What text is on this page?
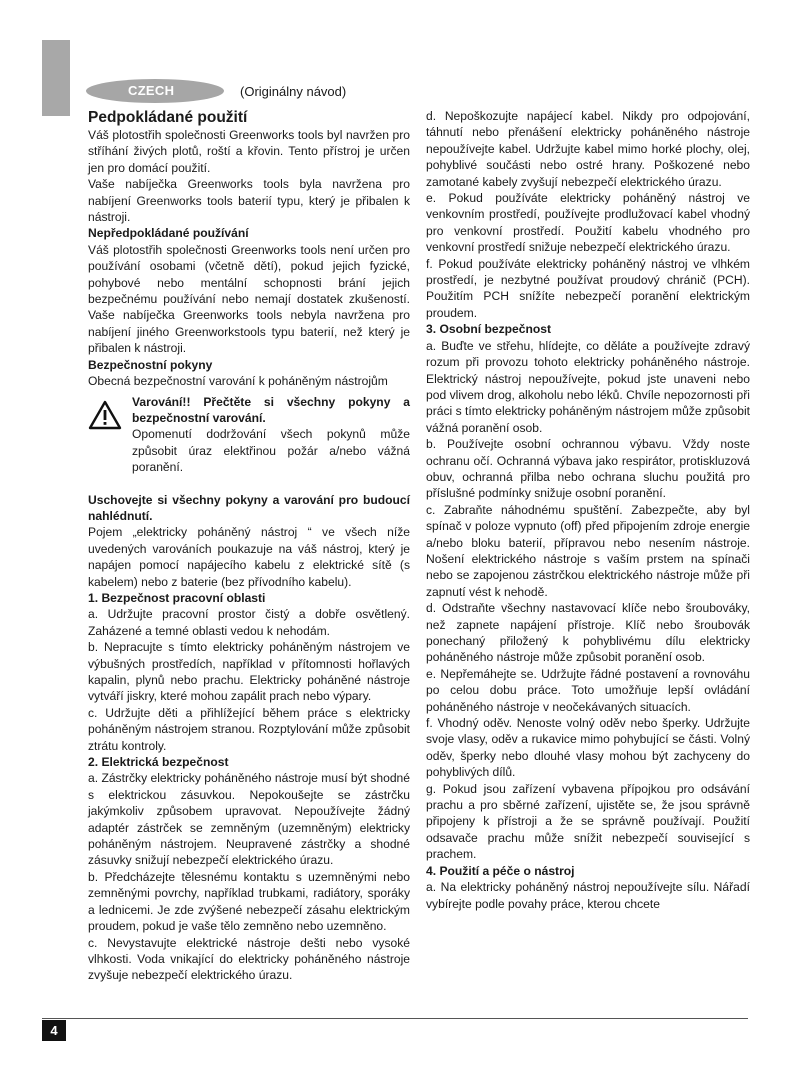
CZECH	(Originálny návod)

Pedpokládané použití

Váš plotostřih společnosti Greenworks tools byl navržen pro stříhání živých plotů, roští a křovin. Tento přístroj je určen jen pro domácí použití.

Vaše nabíječka Greenworks tools byla navržena pro nabíjení Greenworks tools baterií typu, který je přibalen k nástroji.

Nepředpokládané používání

Váš plotostřih společnosti Greenworks tools není určen pro používání osobami (včetně dětí), pokud jejich fyzické, pohybové nebo mentální schopnosti brání jejich bezpečnému používání nebo nemají dostatek zkušeností. Vaše nabíječka Greenworks tools nebyla navržena pro nabíjení jiného Greenworkstools typu baterií, než který je přibalen k nástroji.

Bezpečnostní pokyny

Obecná bezpečnostní varování k poháněným nástrojům

Varování!! Přečtěte si všechny pokyny a bezpečnostní varování.

Opomenutí dodržování všech pokynů může způsobit úraz elektřinou požár a/nebo vážná poranění.

Uschovejte si všechny pokyny a varování pro budoucí nahlédnutí.

Pojem „elektricky poháněný nástroj “ ve všech níže uvedených varováních poukazuje na váš nástroj, který je napájen pomocí napájecího kabelu z elektrické sítě (s kabelem) nebo z baterie (bez přívodního kabelu).

1. Bezpečnost pracovní oblasti

a. Udržujte pracovní prostor čistý a dobře osvětlený. Zaházené a temné oblasti vedou k nehodám.

b. Nepracujte s tímto elektricky poháněným nástrojem ve výbušných prostředích, například v přítomnosti hořlavých kapalin, plynů nebo prachu. Elektricky poháněné nástroje vytváří jiskry, které mohou zapálit prach nebo výpary.

c. Udržujte děti a přihlížející během práce s elektricky poháněným nástrojem stranou. Rozptylování může způsobit ztrátu kontroly.

2. Elektrická bezpečnost

a. Zástrčky elektricky poháněného nástroje musí být shodné s elektrickou zásuvkou. Nepokoušejte se zástrčku jakýmkoliv způsobem upravovat. Nepoužívejte žádný adaptér zástrček se zemněným (uzemněným) elektricky poháněným nástrojem. Neupravené zástrčky a shodné zásuvky snižují nebezpečí elektrického úrazu.

b. Předcházejte tělesnému kontaktu s uzemněnými nebo zemněnými povrchy, například trubkami, radiátory, sporáky a lednicemi. Je zde zvýšené nebezpečí zásahu elektrickým proudem, pokud je vaše tělo zemněno nebo uzemněno.

c. Nevystavujte elektrické nástroje dešti nebo vysoké vlhkosti. Voda vnikající do elektricky poháněného nástroje zvyšuje nebezpečí elektrického úrazu.

d. Nepoškozujte napájecí kabel. Nikdy pro odpojování, táhnutí nebo přenášení elektricky poháněného nástroje nepoužívejte kabel. Udržujte kabel mimo horké plochy, olej, pohyblivé součásti nebo ostré hrany. Poškozené nebo zamotané kabely zvyšují nebezpečí elektrického úrazu.

e. Pokud používáte elektricky poháněný nástroj ve venkovním prostředí, používejte prodlužovací kabel vhodný pro venkovní prostředí. Použití kabelu vhodného pro venkovní prostředí snižuje nebezpečí elektrického úrazu.

f. Pokud používáte elektricky poháněný nástroj ve vlhkém prostředí, je nezbytné používat proudový chránič (PCH). Použitím PCH snížíte nebezpečí poranění elektrickým proudem.

3. Osobní bezpečnost

a. Buďte ve střehu, hlídejte, co děláte a používejte zdravý rozum při provozu tohoto elektricky poháněného nástroje. Elektrický nástroj nepoužívejte, pokud jste unaveni nebo pod vlivem drog, alkoholu nebo léků. Chvíle nepozornosti při práci s tímto elektricky poháněným nástrojem může způsobit vážná poranění osob.

b. Používejte osobní ochrannou výbavu. Vždy noste ochranu očí. Ochranná výbava jako respirátor, protiskluzová obuv, ochranná přilba nebo ochrana sluchu použitá pro příslušné podmínky snižuje osobní poranění.

c. Zabraňte náhodnému spuštění. Zabezpečte, aby byl spínač v poloze vypnuto (off) před připojením zdroje energie a/nebo bloku baterií, přípravou nebo nesením nástroje. Nošení elektrického nástroje s vaším prstem na spínači nebo se zapojenou zástrčkou elektrického nástroje může při zapnutí vést k nehodě.

d. Odstraňte všechny nastavovací klíče nebo šroubováky, než zapnete napájení přístroje. Klíč nebo šroubovák ponechaný přiložený k pohyblivému dílu elektricky poháněného nástroje může způsobit poranění osob.

e. Nepřemáhejte se. Udržujte řádné postavení a rovnováhu po celou dobu práce. Toto umožňuje lepší ovládání poháněného nástroje v neočekávaných situacích.

f. Vhodný oděv. Nenoste volný oděv nebo šperky. Udržujte svoje vlasy, oděv a rukavice mimo pohybující se části. Volný oděv, šperky nebo dlouhé vlasy mohou být zachyceny do pohyblivých dílů.

g. Pokud jsou zařízení vybavena přípojkou pro odsávání prachu a pro sběrné zařízení, ujistěte se, že jsou správně připojeny k přístroji a že se správně používají. Použití odsavače prachu může snížit nebezpečí související s prachem.

4. Použití a péče o nástroj

a. Na elektricky poháněný nástroj nepoužívejte sílu. Nářadí vybírejte podle povahy práce, kterou chcete

4
